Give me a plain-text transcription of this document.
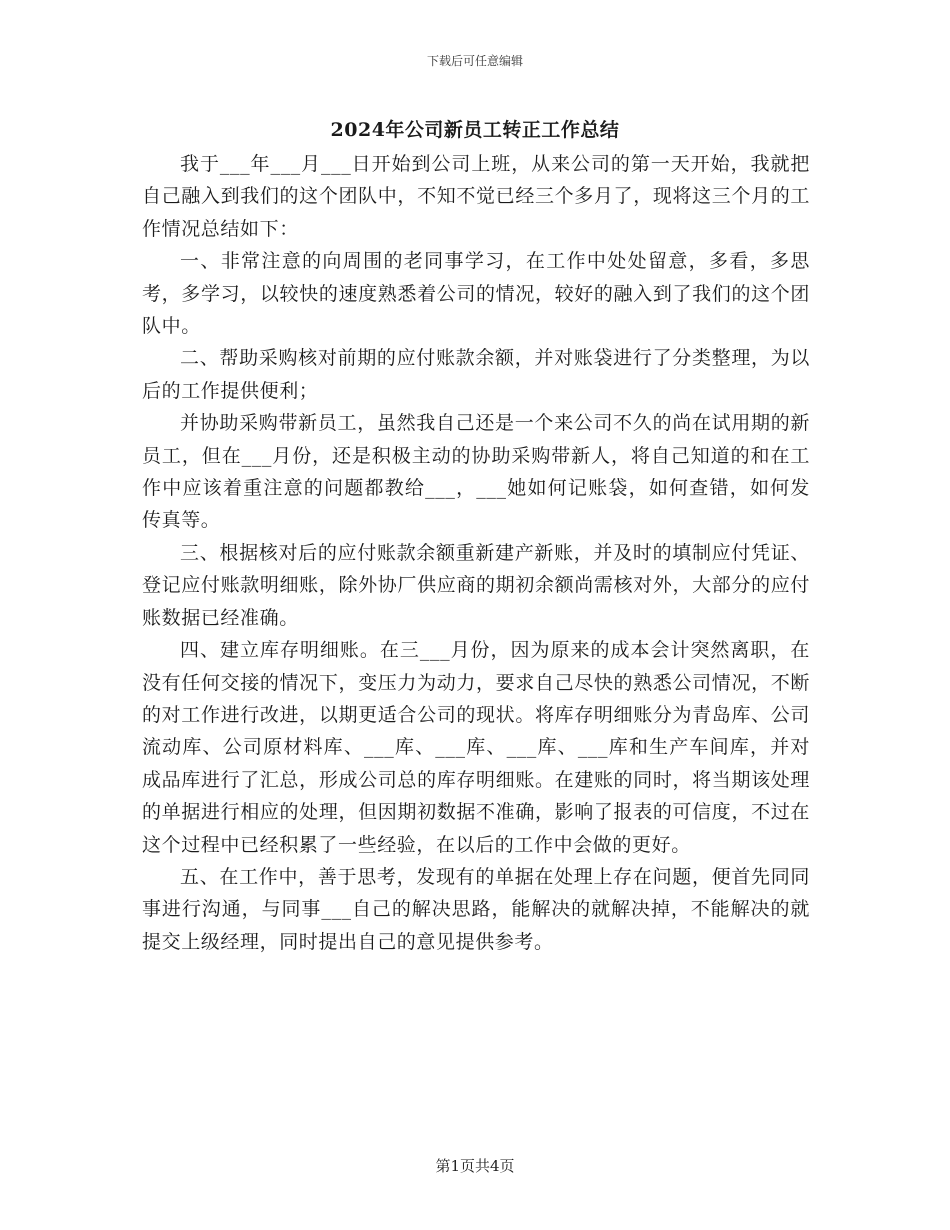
下载后可任意编辑
2024年公司新员工转正工作总结

我于___年___月___日开始到公司上班，从来公司的第一天开始，我就把自己融入到我们的这个团队中，不知不觉已经三个多月了，现将这三个月的工作情况总结如下：

一、非常注意的向周围的老同事学习，在工作中处处留意，多看，多思考，多学习，以较快的速度熟悉着公司的情况，较好的融入到了我们的这个团队中。

二、帮助采购核对前期的应付账款余额，并对账袋进行了分类整理，为以后的工作提供便利；

并协助采购带新员工，虽然我自己还是一个来公司不久的尚在试用期的新员工，但在___月份，还是积极主动的协助采购带新人，将自己知道的和在工作中应该着重注意的问题都教给___，___她如何记账袋，如何查错，如何发传真等。

三、根据核对后的应付账款余额重新建产新账，并及时的填制应付凭证、登记应付账款明细账，除外协厂供应商的期初余额尚需核对外，大部分的应付账数据已经准确。

四、建立库存明细账。在三___月份，因为原来的成本会计突然离职，在没有任何交接的情况下，变压力为动力，要求自己尽快的熟悉公司情况，不断的对工作进行改进，以期更适合公司的现状。将库存明细账分为青岛库、公司流动库、公司原材料库、___库、___库、___库、___库和生产车间库，并对成品库进行了汇总，形成公司总的库存明细账。在建账的同时，将当期该处理的单据进行相应的处理，但因期初数据不准确，影响了报表的可信度，不过在这个过程中已经积累了一些经验，在以后的工作中会做的更好。

五、在工作中，善于思考，发现有的单据在处理上存在问题，便首先同同事进行沟通，与同事___自己的解决思路，能解决的就解决掉，不能解决的就提交上级经理，同时提出自己的意见提供参考。

第1页共4页
